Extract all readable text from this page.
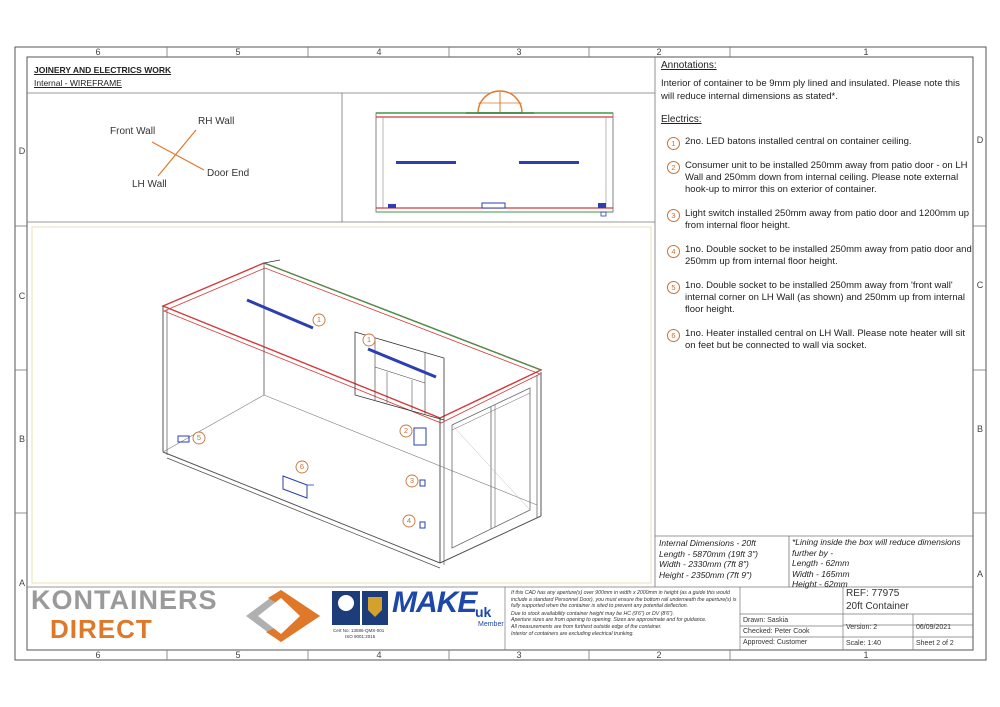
6	5	4	3	2	1
6	5	4	3	2	1
D
C
B
A
D
C
B
A
JOINERY AND ELECTRICS WORK
Internal - WIREFRAME
Front Wall
RH Wall
LH Wall
Door End
1
1
2
3
4
5
6
Annotations:
Interior of container to be 9mm ply lined and insulated. Please note this will reduce internal dimensions as stated*.
Electrics:
1 2no. LED batons installed central on container ceiling.
2 Consumer unit to be installed 250mm away from patio door - on LH Wall and 250mm down from internal ceiling. Please note external hook-up to mirror this on exterior of container.
3 Light switch installed 250mm away from patio door and 1200mm up from internal floor height.
4 1no. Double socket to be installed 250mm away from patio door and 250mm up from internal floor height.
5 1no. Double socket to be installed 250mm away from 'front wall' internal corner on LH Wall (as shown) and 250mm up from internal floor height.
6 1no. Heater installed central on LH Wall. Please note heater will sit on feet but be connected to wall via socket.
Internal Dimensions - 20ft
Length - 5870mm (19ft 3")
Width - 2330mm (7ft 8")
Height - 2350mm (7ft 9")
*Lining inside the box will reduce dimensions
further by -
Length - 62mm
Width - 165mm
Height - 62mm
KONTAINERS
DIRECT	Cert No: 13586-QMS-001
ISO 9001:2015
MAKE
uk
Member
If this CAD has any aperture(s) over 900mm in width x 2000mm in height (as a guide this would include a standard Personnel Door), you must ensure the bottom rail underneath the aperture(s) is fully supported when the container is sited to prevent any potential deflection.
Due to stock availability container height may be HC (9'6") or DV (8'6").
Aperture sizes are from opening to opening. Sizes are approximate and for guidance.
All measurements are from furthest outside edge of the container.
Interior of containers are excluding electrical trunking.
Drawn: Saskia
Checked: Peter Cook
Approved: Customer
REF: 77975
20ft Container
Version: 2	06/09/2021
Scale: 1:40	Sheet 2 of 2
